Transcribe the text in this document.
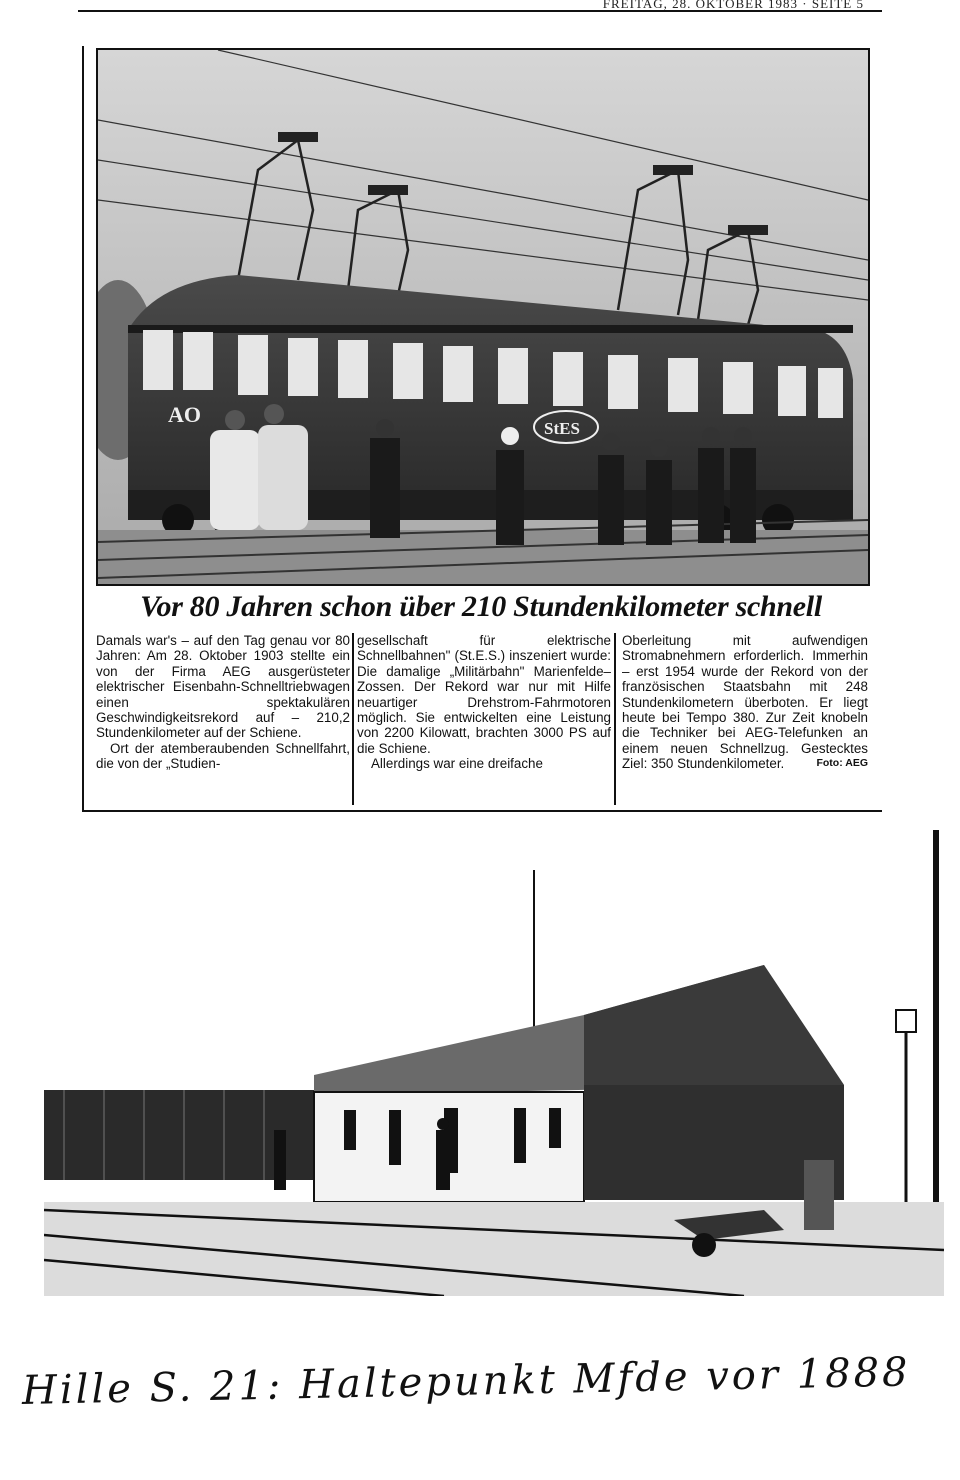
FREITAG, 28. OKTOBER 1983 · SEITE 5
AO
StES
Vor 80 Jahren schon über 210 Stundenkilometer schnell

Damals war's – auf den Tag genau vor 80 Jahren: Am 28. Oktober 1903 stellte ein von der Firma AEG ausgerüsteter elektrischer Eisenbahn-Schnelltriebwagen einen spektakulären Geschwindigkeitsrekord auf – 210,2 Stundenkilometer auf der Schiene.

Ort der atemberaubenden Schnellfahrt, die von der „Studien-

gesellschaft für elektrische Schnellbahnen" (St.E.S.) inszeniert wurde: Die damalige „Militärbahn" Marienfelde–Zossen. Der Rekord war nur mit Hilfe neuartiger Drehstrom-Fahrmotoren möglich. Sie entwickelten eine Leistung von 2200 Kilowatt, brachten 3000 PS auf die Schiene.

Allerdings war eine dreifache

Oberleitung mit aufwendigen Stromabnehmern erforderlich. Immerhin – erst 1954 wurde der Rekord von der französischen Staatsbahn mit 248 Stundenkilometern überboten. Er liegt heute bei Tempo 380. Zur Zeit knobeln die Techniker bei AEG-Telefunken an einem neuen Schnellzug. Gestecktes Ziel: 350 Stundenkilometer.	Foto: AEG

Hille S. 21: Haltepunkt Mfde vor 1888
